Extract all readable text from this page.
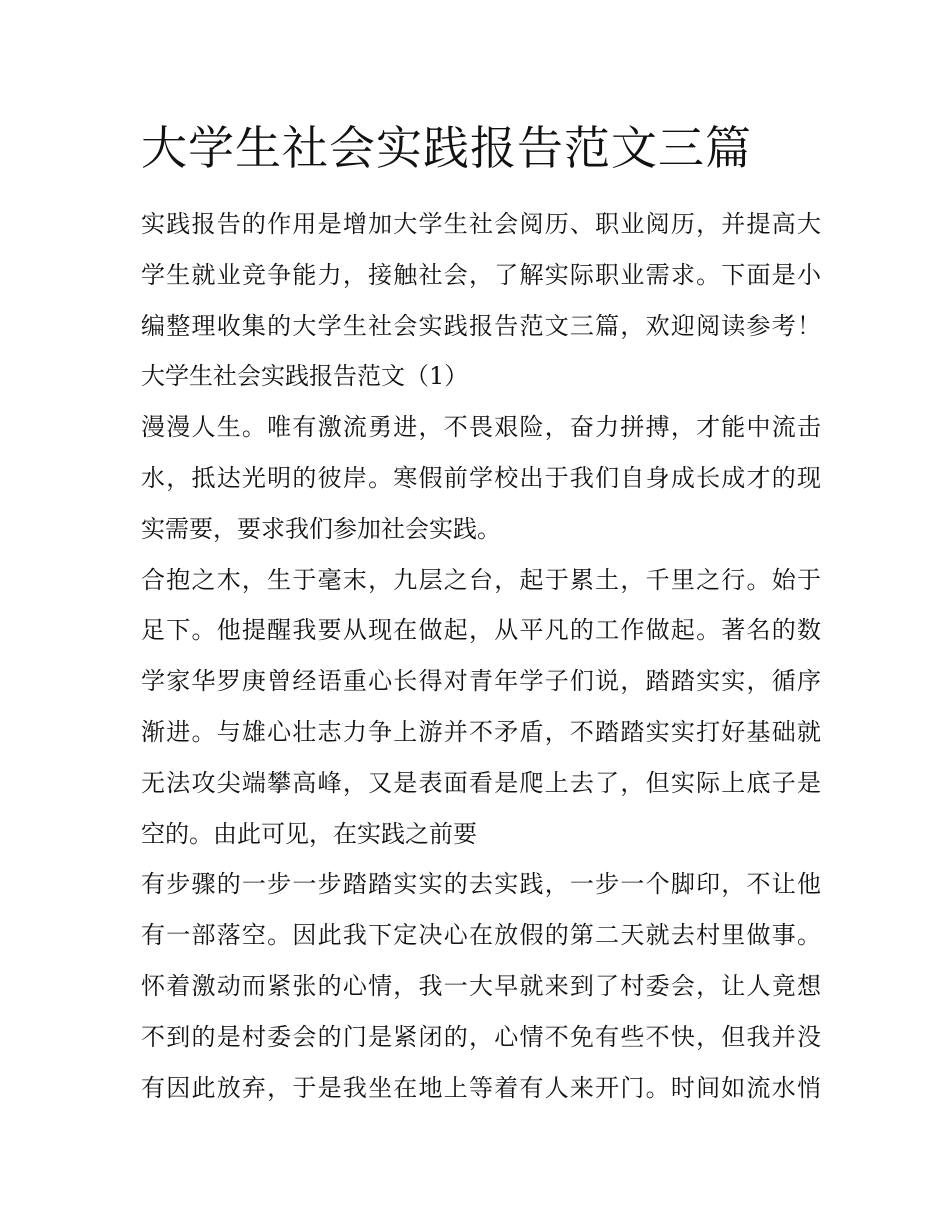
大学生社会实践报告范文三篇
实践报告的作用是增加大学生社会阅历、职业阅历，并提高大
学生就业竞争能力，接触社会，了解实际职业需求。下面是小
编整理收集的大学生社会实践报告范文三篇，欢迎阅读参考！
大学生社会实践报告范文（1）
漫漫人生。唯有激流勇进，不畏艰险，奋力拼搏，才能中流击
水，抵达光明的彼岸。寒假前学校出于我们自身成长成才的现
实需要，要求我们参加社会实践。
合抱之木，生于毫末，九层之台，起于累土，千里之行。始于
足下。他提醒我要从现在做起，从平凡的工作做起。著名的数
学家华罗庚曾经语重心长得对青年学子们说，踏踏实实，循序
渐进。与雄心壮志力争上游并不矛盾，不踏踏实实打好基础就
无法攻尖端攀高峰，又是表面看是爬上去了，但实际上底子是
空的。由此可见，在实践之前要
有步骤的一步一步踏踏实实的去实践，一步一个脚印，不让他
有一部落空。因此我下定决心在放假的第二天就去村里做事。
怀着激动而紧张的心情，我一大早就来到了村委会，让人竟想
不到的是村委会的门是紧闭的，心情不免有些不快，但我并没
有因此放弃，于是我坐在地上等着有人来开门。时间如流水悄
